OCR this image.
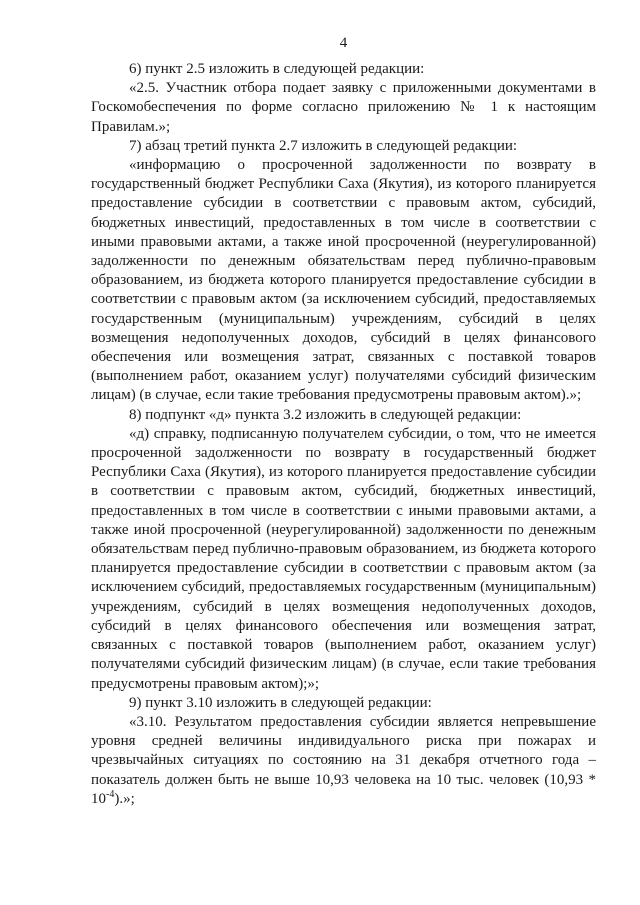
4

6) пункт 2.5 изложить в следующей редакции:

«2.5. Участник отбора подает заявку с приложенными документами в Госкомобеспечения по форме согласно приложению № 1 к настоящим Правилам.»;

7) абзац третий пункта 2.7 изложить в следующей редакции:

«информацию о просроченной задолженности по возврату в государственный бюджет Республики Саха (Якутия), из которого планируется предоставление субсидии в соответствии с правовым актом, субсидий, бюджетных инвестиций, предоставленных в том числе в соответствии с иными правовыми актами, а также иной просроченной (неурегулированной) задолженности по денежным обязательствам перед публично-правовым образованием, из бюджета которого планируется предоставление субсидии в соответствии с правовым актом (за исключением субсидий, предоставляемых государственным (муниципальным) учреждениям, субсидий в целях возмещения недополученных доходов, субсидий в целях финансового обеспечения или возмещения затрат, связанных с поставкой товаров (выполнением работ, оказанием услуг) получателями субсидий физическим лицам) (в случае, если такие требования предусмотрены правовым актом).»;

8) подпункт «д» пункта 3.2 изложить в следующей редакции:

«д) справку, подписанную получателем субсидии, о том, что не имеется просроченной задолженности по возврату в государственный бюджет Республики Саха (Якутия), из которого планируется предоставление субсидии в соответствии с правовым актом, субсидий, бюджетных инвестиций, предоставленных в том числе в соответствии с иными правовыми актами, а также иной просроченной (неурегулированной) задолженности по денежным обязательствам перед публично-правовым образованием, из бюджета которого планируется предоставление субсидии в соответствии с правовым актом (за исключением субсидий, предоставляемых государственным (муниципальным) учреждениям, субсидий в целях возмещения недополученных доходов, субсидий в целях финансового обеспечения или возмещения затрат, связанных с поставкой товаров (выполнением работ, оказанием услуг) получателями субсидий физическим лицам) (в случае, если такие требования предусмотрены правовым актом);»;

9) пункт 3.10 изложить в следующей редакции:

«3.10. Результатом предоставления субсидии является непревышение уровня средней величины индивидуального риска при пожарах и чрезвычайных ситуациях по состоянию на 31 декабря отчетного года – показатель должен быть не выше 10,93 человека на 10 тыс. человек $(10,93 * 10^{-4})$.»;
